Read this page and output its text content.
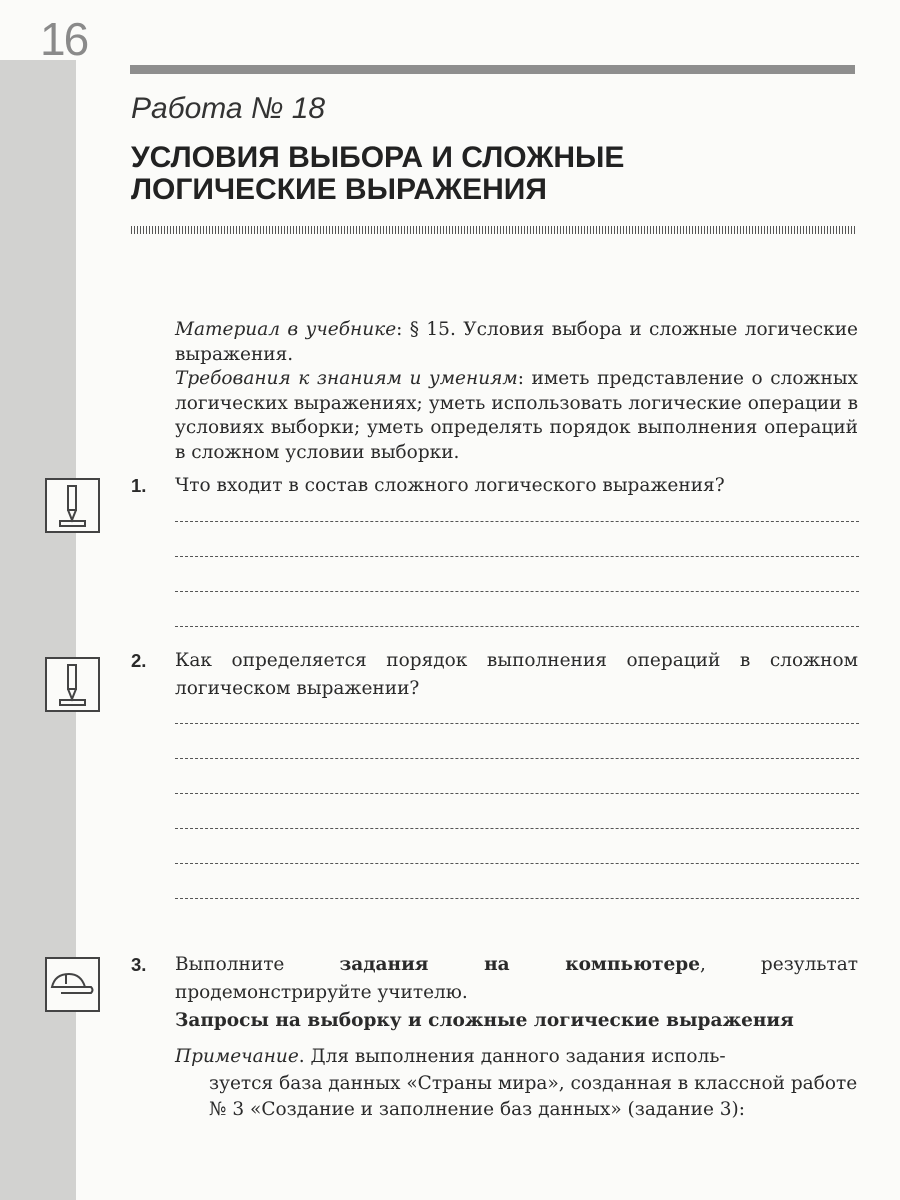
16
Работа № 18
УСЛОВИЯ ВЫБОРА И СЛОЖНЫЕ
ЛОГИЧЕСКИЕ ВЫРАЖЕНИЯ
Материал в учебнике: § 15. Условия выбора и сложные логические выражения.
Требования к знаниям и умениям: иметь представление о сложных логических выражениях; уметь использовать логические операции в условиях выборки; уметь определять порядок выполнения операций в сложном условии выборки.
1. Что входит в состав сложного логического выражения?
2. Как определяется порядок выполнения операций в сложном логическом выражении?
3. Выполните задания на компьютере, результат продемонстрируйте учителю.
Запросы на выборку и сложные логические выражения
Примечание. Для выполнения данного задания исполь-
зуется база данных «Страны мира», созданная в классной работе № 3 «Создание и заполнение баз данных» (задание 3):
